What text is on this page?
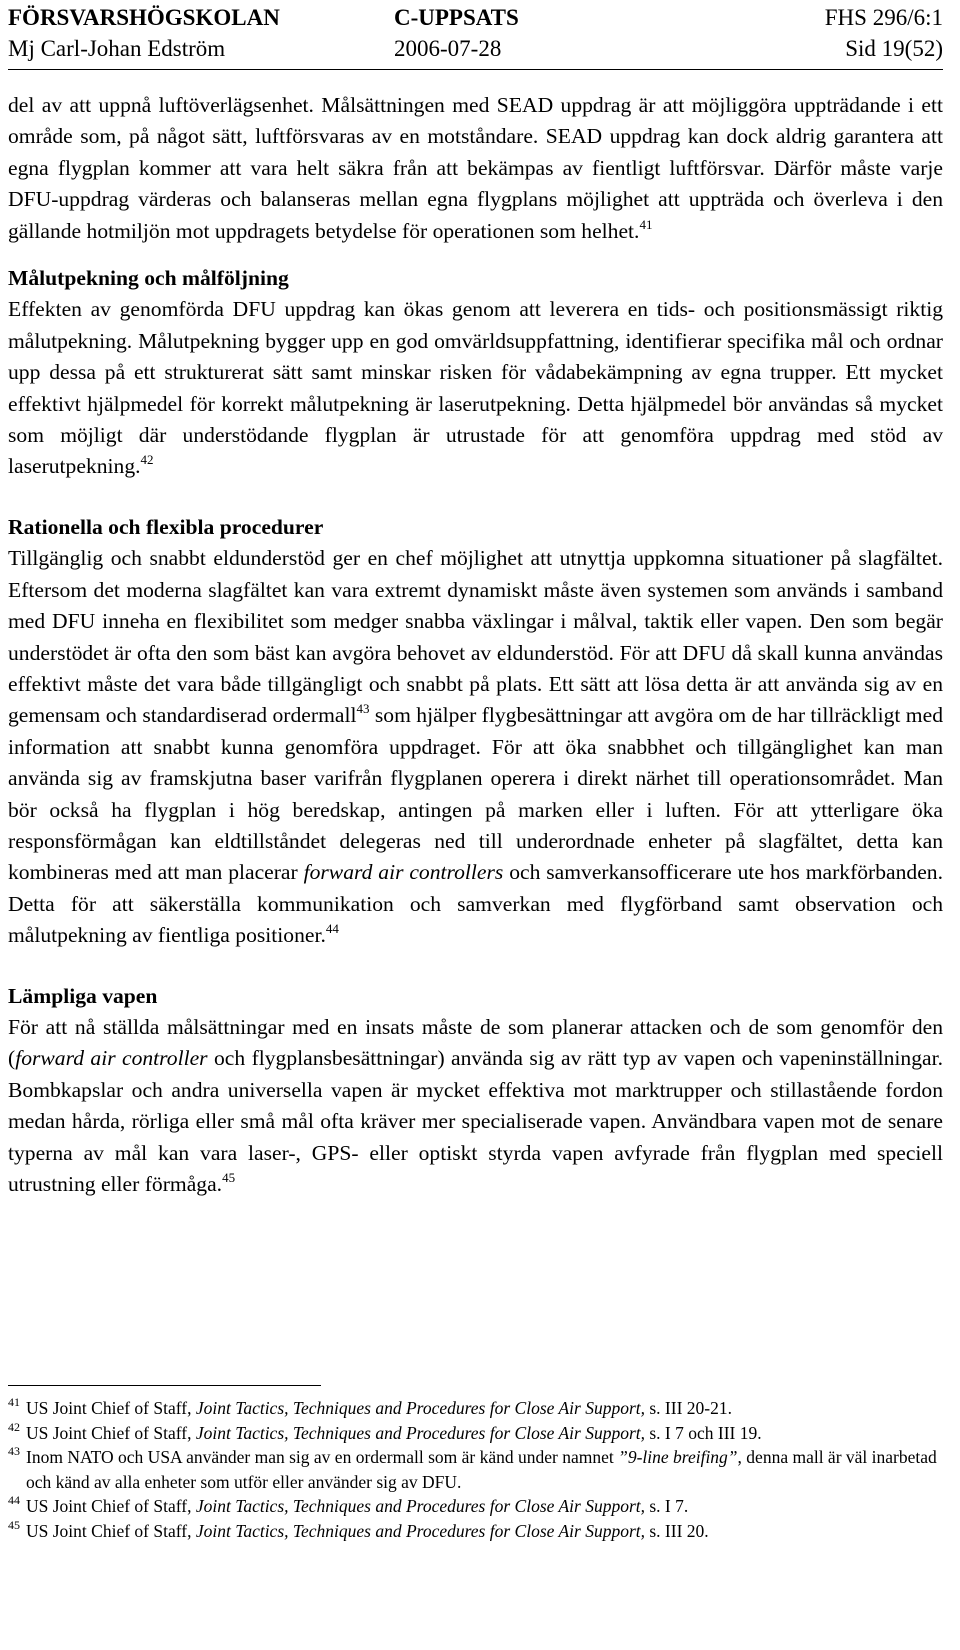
FÖRSVARSHÖGSKOLAN	C-UPPSATS	FHS 296/6:1
Mj Carl-Johan Edström	2006-07-28	Sid 19(52)

del av att uppnå luftöverlägsenhet. Målsättningen med SEAD uppdrag är att möjliggöra uppträdande i ett område som, på något sätt, luftförsvaras av en motståndare. SEAD uppdrag kan dock aldrig garantera att egna flygplan kommer att vara helt säkra från att bekämpas av fientligt luftförsvar. Därför måste varje DFU-uppdrag värderas och balanseras mellan egna flygplans möjlighet att uppträda och överleva i den gällande hotmiljön mot uppdragets betydelse för operationen som helhet.$^{41}$

Målutpekning och målföljning

Effekten av genomförda DFU uppdrag kan ökas genom att leverera en tids- och positionsmässigt riktig målutpekning. Målutpekning bygger upp en god omvärldsuppfattning, identifierar specifika mål och ordnar upp dessa på ett strukturerat sätt samt minskar risken för vådabekämpning av egna trupper. Ett mycket effektivt hjälpmedel för korrekt målutpekning är laserutpekning. Detta hjälpmedel bör användas så mycket som möjligt där understödande flygplan är utrustade för att genomföra uppdrag med stöd av laserutpekning.$^{42}$

Rationella och flexibla procedurer

Tillgänglig och snabbt eldunderstöd ger en chef möjlighet att utnyttja uppkomna situationer på slagfältet. Eftersom det moderna slagfältet kan vara extremt dynamiskt måste även systemen som används i samband med DFU inneha en flexibilitet som medger snabba växlingar i målval, taktik eller vapen. Den som begär understödet är ofta den som bäst kan avgöra behovet av eldunderstöd. För att DFU då skall kunna användas effektivt måste det vara både tillgängligt och snabbt på plats. Ett sätt att lösa detta är att använda sig av en gemensam och standardiserad ordermall$^{43}$ som hjälper flygbesättningar att avgöra om de har tillräckligt med information att snabbt kunna genomföra uppdraget. För att öka snabbhet och tillgänglighet kan man använda sig av framskjutna baser varifrån flygplanen operera i direkt närhet till operationsområdet. Man bör också ha flygplan i hög beredskap, antingen på marken eller i luften. För att ytterligare öka responsförmågan kan eldtillståndet delegeras ned till underordnade enheter på slagfältet, detta kan kombineras med att man placerar forward air controllers och samverkansofficerare ute hos markförbanden. Detta för att säkerställa kommunikation och samverkan med flygförband samt observation och målutpekning av fientliga positioner.$^{44}$

Lämpliga vapen

För att nå ställda målsättningar med en insats måste de som planerar attacken och de som genomför den (forward air controller och flygplansbesättningar) använda sig av rätt typ av vapen och vapeninställningar. Bombkapslar och andra universella vapen är mycket effektiva mot marktrupper och stillastående fordon medan hårda, rörliga eller små mål ofta kräver mer specialiserade vapen. Användbara vapen mot de senare typerna av mål kan vara laser-, GPS- eller optiskt styrda vapen avfyrade från flygplan med speciell utrustning eller förmåga.$^{45}$

41 US Joint Chief of Staff, Joint Tactics, Techniques and Procedures for Close Air Support, s. III 20-21.

42 US Joint Chief of Staff, Joint Tactics, Techniques and Procedures for Close Air Support, s. I 7 och III 19.

43 Inom NATO och USA använder man sig av en ordermall som är känd under namnet ”9-line breifing”, denna mall är väl inarbetad och känd av alla enheter som utför eller använder sig av DFU.

44 US Joint Chief of Staff, Joint Tactics, Techniques and Procedures for Close Air Support, s. I 7.

45 US Joint Chief of Staff, Joint Tactics, Techniques and Procedures for Close Air Support, s. III 20.
